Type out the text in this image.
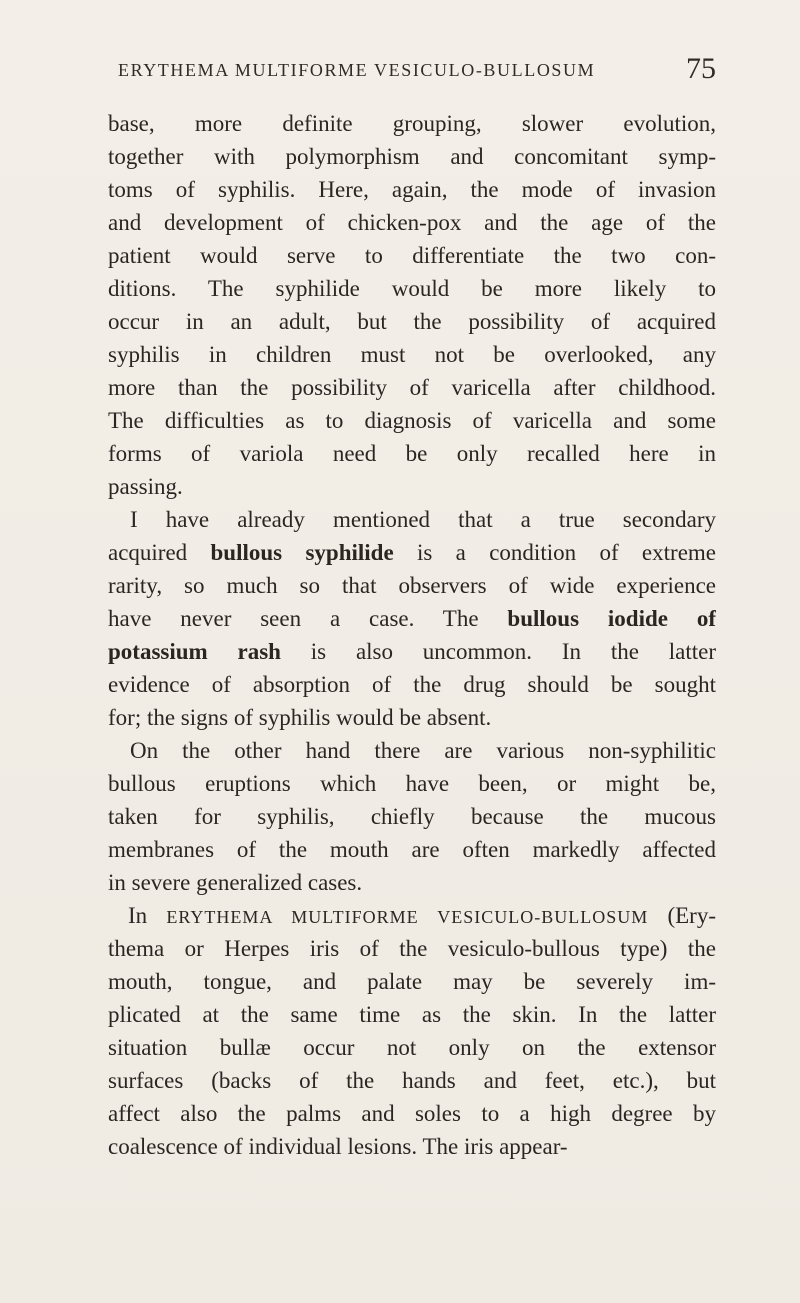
ERYTHEMA MULTIFORME VESICULO-BULLOSUM	75
base, more definite grouping, slower evolution,
together with polymorphism and concomitant symp-
toms of syphilis. Here, again, the mode of invasion
and development of chicken-pox and the age of the
patient would serve to differentiate the two con-
ditions. The syphilide would be more likely to
occur in an adult, but the possibility of acquired
syphilis in children must not be overlooked, any
more than the possibility of varicella after childhood.
The difficulties as to diagnosis of varicella and some
forms of variola need be only recalled here in
passing.
I have already mentioned that a true secondary
acquired bullous syphilide is a condition of extreme
rarity, so much so that observers of wide experience
have never seen a case. The bullous iodide of
potassium rash is also uncommon. In the latter
evidence of absorption of the drug should be sought
for; the signs of syphilis would be absent.
On the other hand there are various non-syphilitic
bullous eruptions which have been, or might be,
taken for syphilis, chiefly because the mucous
membranes of the mouth are often markedly affected
in severe generalized cases.
In ERYTHEMA MULTIFORME VESICULO-BULLOSUM (Ery-
thema or Herpes iris of the vesiculo-bullous type) the
mouth, tongue, and palate may be severely im-
plicated at the same time as the skin. In the latter
situation bullæ occur not only on the extensor
surfaces (backs of the hands and feet, etc.), but
affect also the palms and soles to a high degree by
coalescence of individual lesions. The iris appear-
